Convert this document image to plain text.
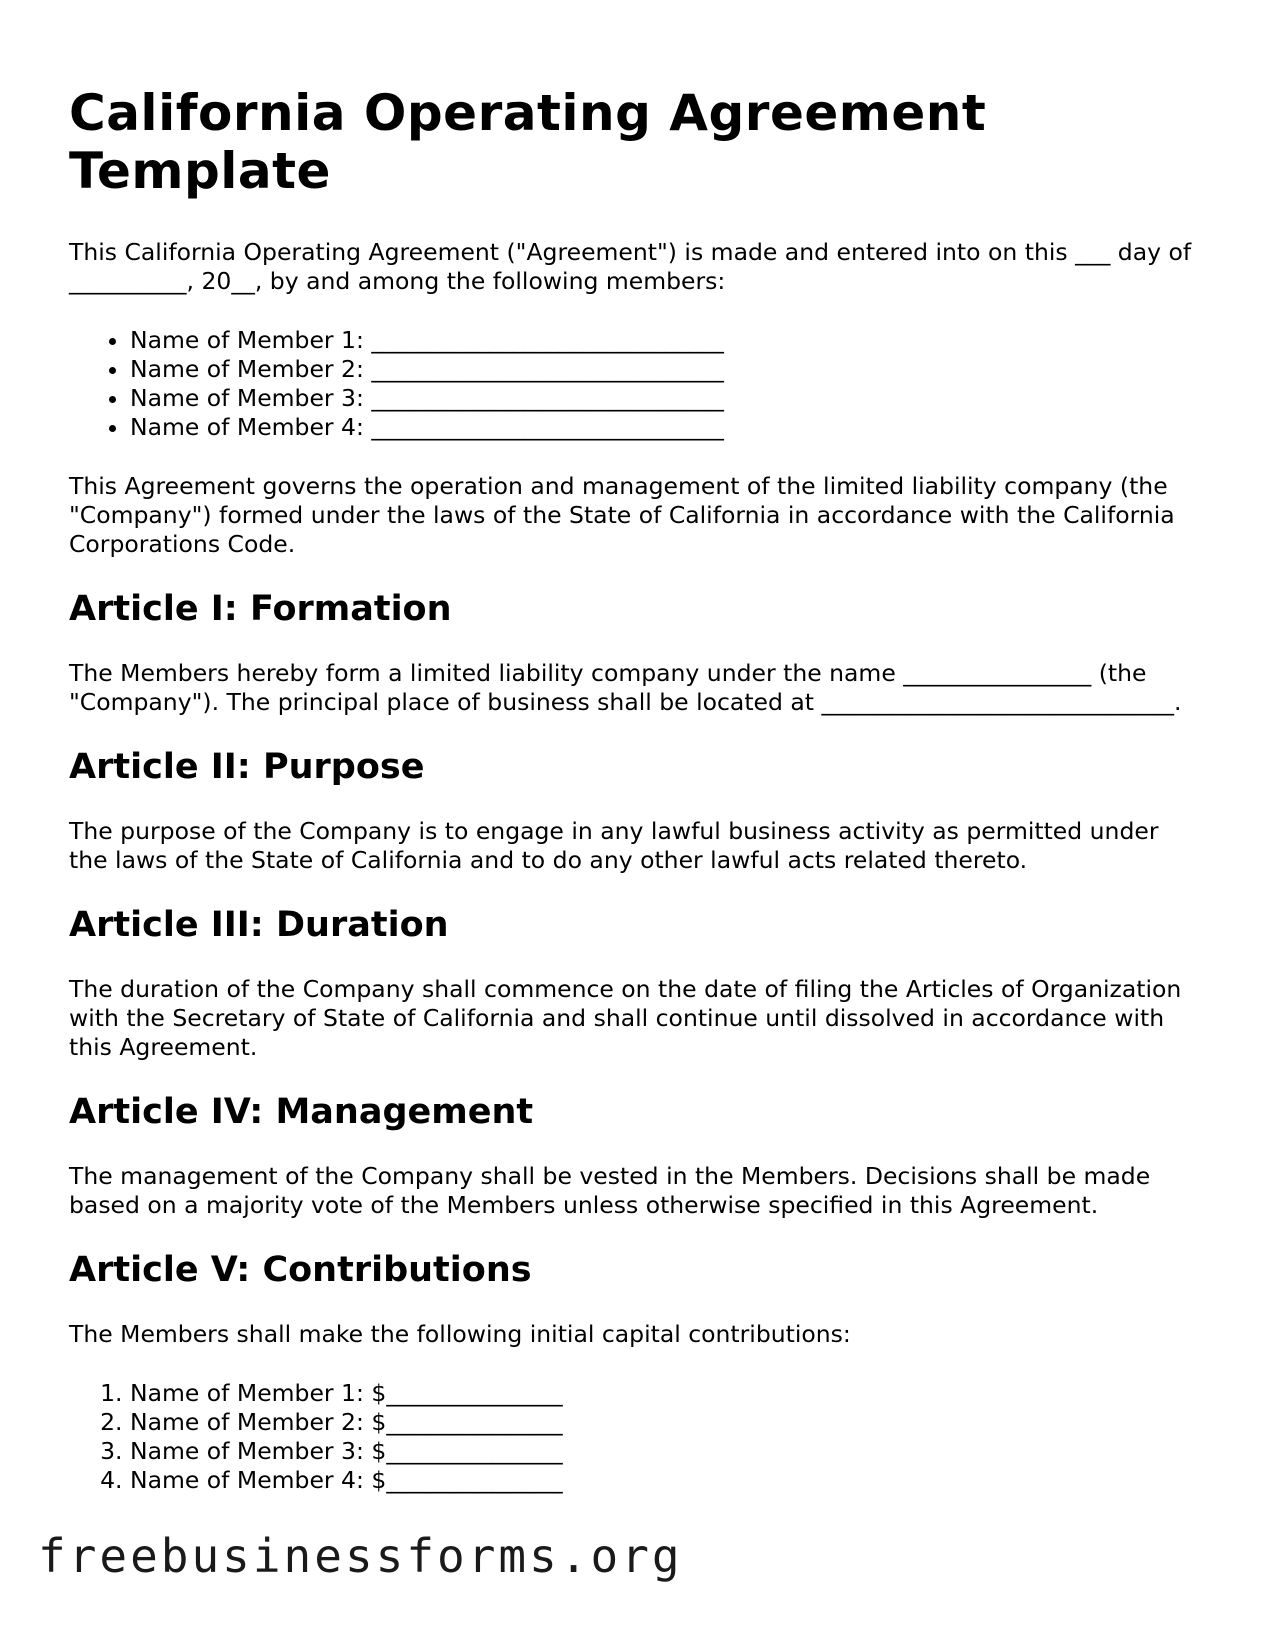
California Operating Agreement Template

This California Operating Agreement ("Agreement") is made and entered into on this ___ day of __________, 20__, by and among the following members:

• Name of Member 1: ______________________________
• Name of Member 2: ______________________________
• Name of Member 3: ______________________________
• Name of Member 4: ______________________________

This Agreement governs the operation and management of the limited liability company (the "Company") formed under the laws of the State of California in accordance with the California Corporations Code.

Article I: Formation

The Members hereby form a limited liability company under the name ________________ (the "Company"). The principal place of business shall be located at ______________________________.

Article II: Purpose

The purpose of the Company is to engage in any lawful business activity as permitted under the laws of the State of California and to do any other lawful acts related thereto.

Article III: Duration

The duration of the Company shall commence on the date of filing the Articles of Organization with the Secretary of State of California and shall continue until dissolved in accordance with this Agreement.

Article IV: Management

The management of the Company shall be vested in the Members. Decisions shall be made based on a majority vote of the Members unless otherwise specified in this Agreement.

Article V: Contributions

The Members shall make the following initial capital contributions:

1. Name of Member 1: $_______________
2. Name of Member 2: $_______________
3. Name of Member 3: $_______________
4. Name of Member 4: $_______________
freebusinessforms.org
